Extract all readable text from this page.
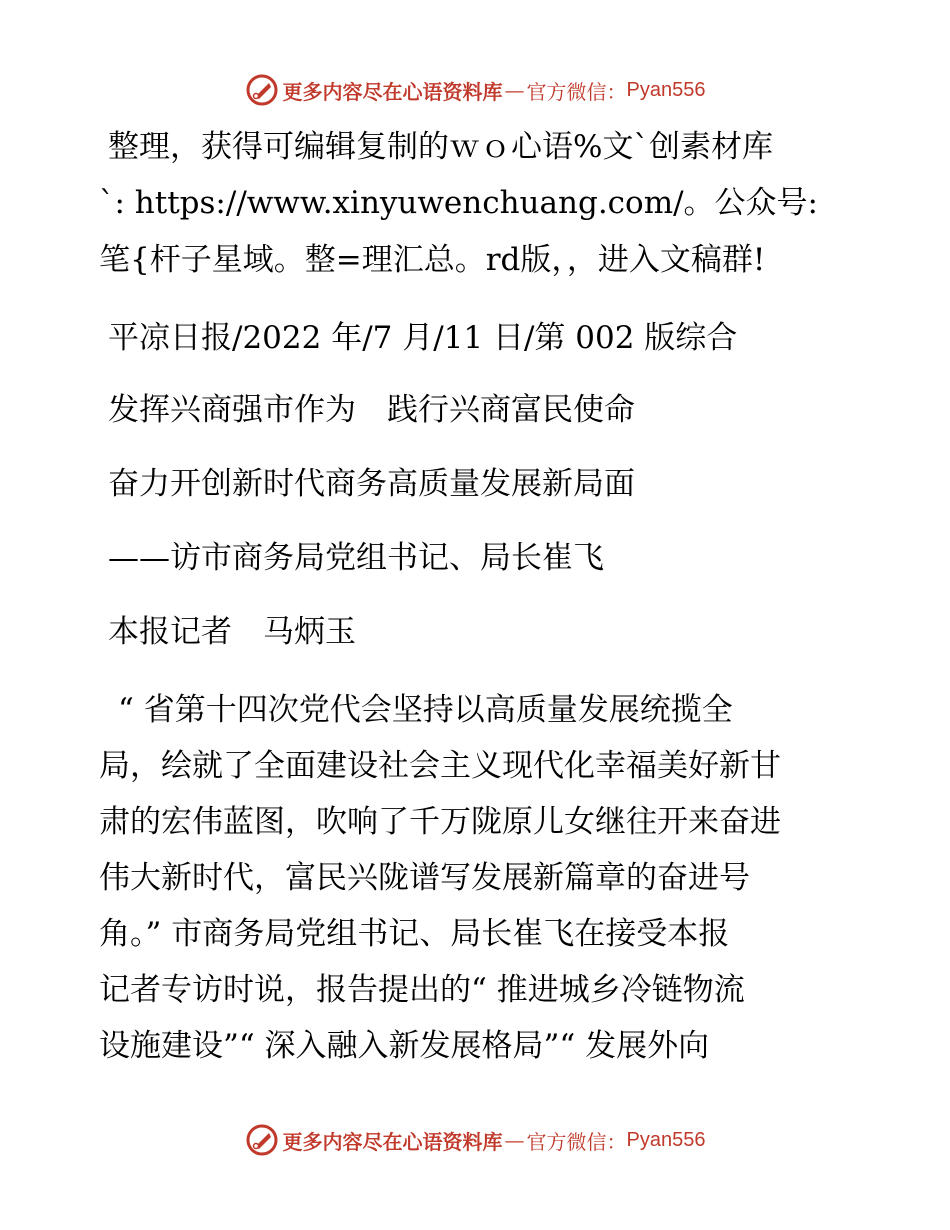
更多内容尽在心语资料库 — 官方微信： Pyan556
整理，获得可编辑复制的ｗｏ心语%文`创素材库
`: https://www.xinyuwenchuang.com/。公众号:
笔{杆子星域。整=理汇总。rd版，，进入文稿群!
平凉日报/2022 年/7 月/11 日/第 002 版综合
发挥兴商强市作为　践行兴商富民使命
奋力开创新时代商务高质量发展新局面
——访市商务局党组书记、局长崔飞
本报记者　马炳玉
“ 省第十四次党代会坚持以高质量发展统揽全
局，绘就了全面建设社会主义现代化幸福美好新甘
肃的宏伟蓝图，吹响了千万陇原儿女继往开来奋进
伟大新时代，富民兴陇谱写发展新篇章的奋进号
角。” 市商务局党组书记、局长崔飞在接受本报
记者专访时说，报告提出的“ 推进城乡冷链物流
设施建设”“ 深入融入新发展格局”“ 发展外向
更多内容尽在心语资料库 — 官方微信： Pyan556
